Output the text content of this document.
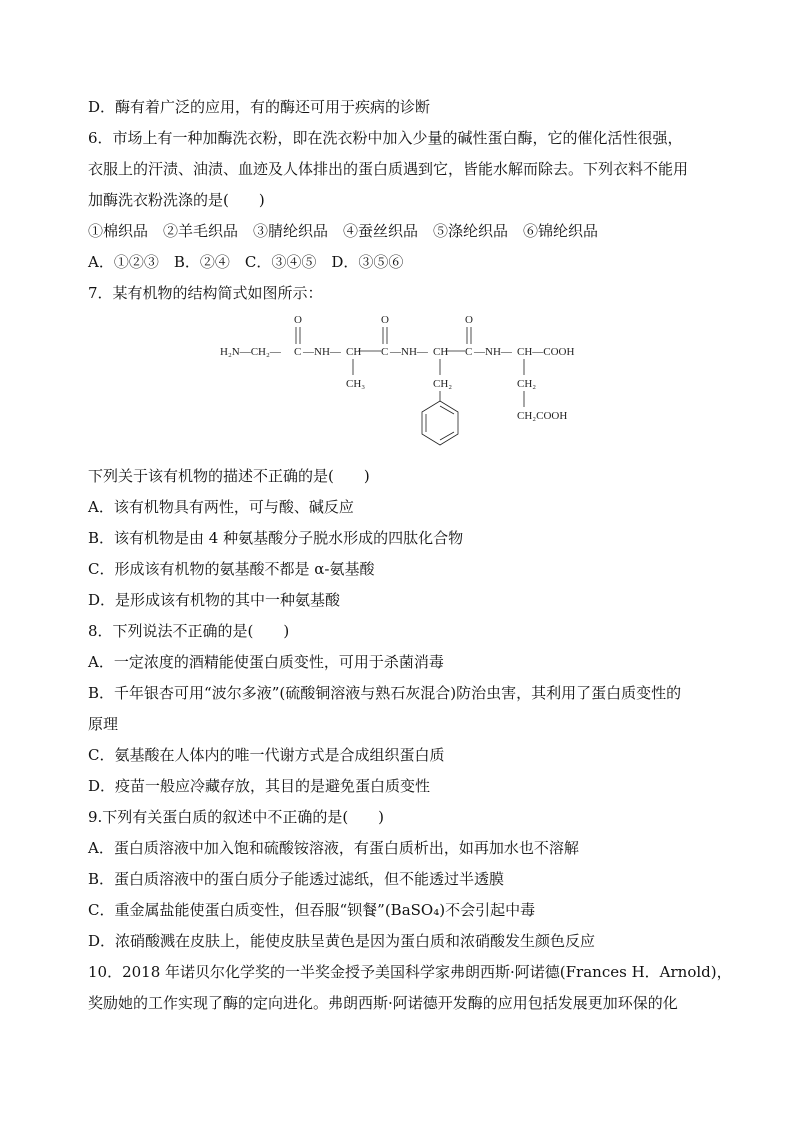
D．酶有着广泛的应用，有的酶还可用于疾病的诊断
6．市场上有一种加酶洗衣粉，即在洗衣粉中加入少量的碱性蛋白酶，它的催化活性很强，
衣服上的汗渍、油渍、血迹及人体排出的蛋白质遇到它，皆能水解而除去。下列衣料不能用
加酶洗衣粉洗涤的是(　　)
①棉织品　②羊毛织品　③腈纶织品　④蚕丝织品　⑤涤纶织品　⑥锦纶织品
A．①②③　B．②④　C．③④⑤　D．③⑤⑥
7．某有机物的结构简式如图所示：
O	O	O
H₂N—CH₂— C —NH— CH C —NH— CH C —NH— CH—COOH
CH₃	CH₂	CH₂
CH₂COOH
下列关于该有机物的描述不正确的是(　　)
A．该有机物具有两性，可与酸、碱反应
B．该有机物是由 4 种氨基酸分子脱水形成的四肽化合物
C．形成该有机物的氨基酸不都是 α-氨基酸
D．是形成该有机物的其中一种氨基酸
8．下列说法不正确的是(　　)
A．一定浓度的酒精能使蛋白质变性，可用于杀菌消毒
B．千年银杏可用“波尔多液”(硫酸铜溶液与熟石灰混合)防治虫害，其利用了蛋白质变性的
原理
C．氨基酸在人体内的唯一代谢方式是合成组织蛋白质
D．疫苗一般应冷藏存放，其目的是避免蛋白质变性
9.下列有关蛋白质的叙述中不正确的是(　　)
A．蛋白质溶液中加入饱和硫酸铵溶液，有蛋白质析出，如再加水也不溶解
B．蛋白质溶液中的蛋白质分子能透过滤纸，但不能透过半透膜
C．重金属盐能使蛋白质变性，但吞服“钡餐”(BaSO₄)不会引起中毒
D．浓硝酸溅在皮肤上，能使皮肤呈黄色是因为蛋白质和浓硝酸发生颜色反应
10．2018 年诺贝尔化学奖的一半奖金授予美国科学家弗朗西斯·阿诺德(Frances H．Arnold)，
奖励她的工作实现了酶的定向进化。弗朗西斯·阿诺德开发酶的应用包括发展更加环保的化
